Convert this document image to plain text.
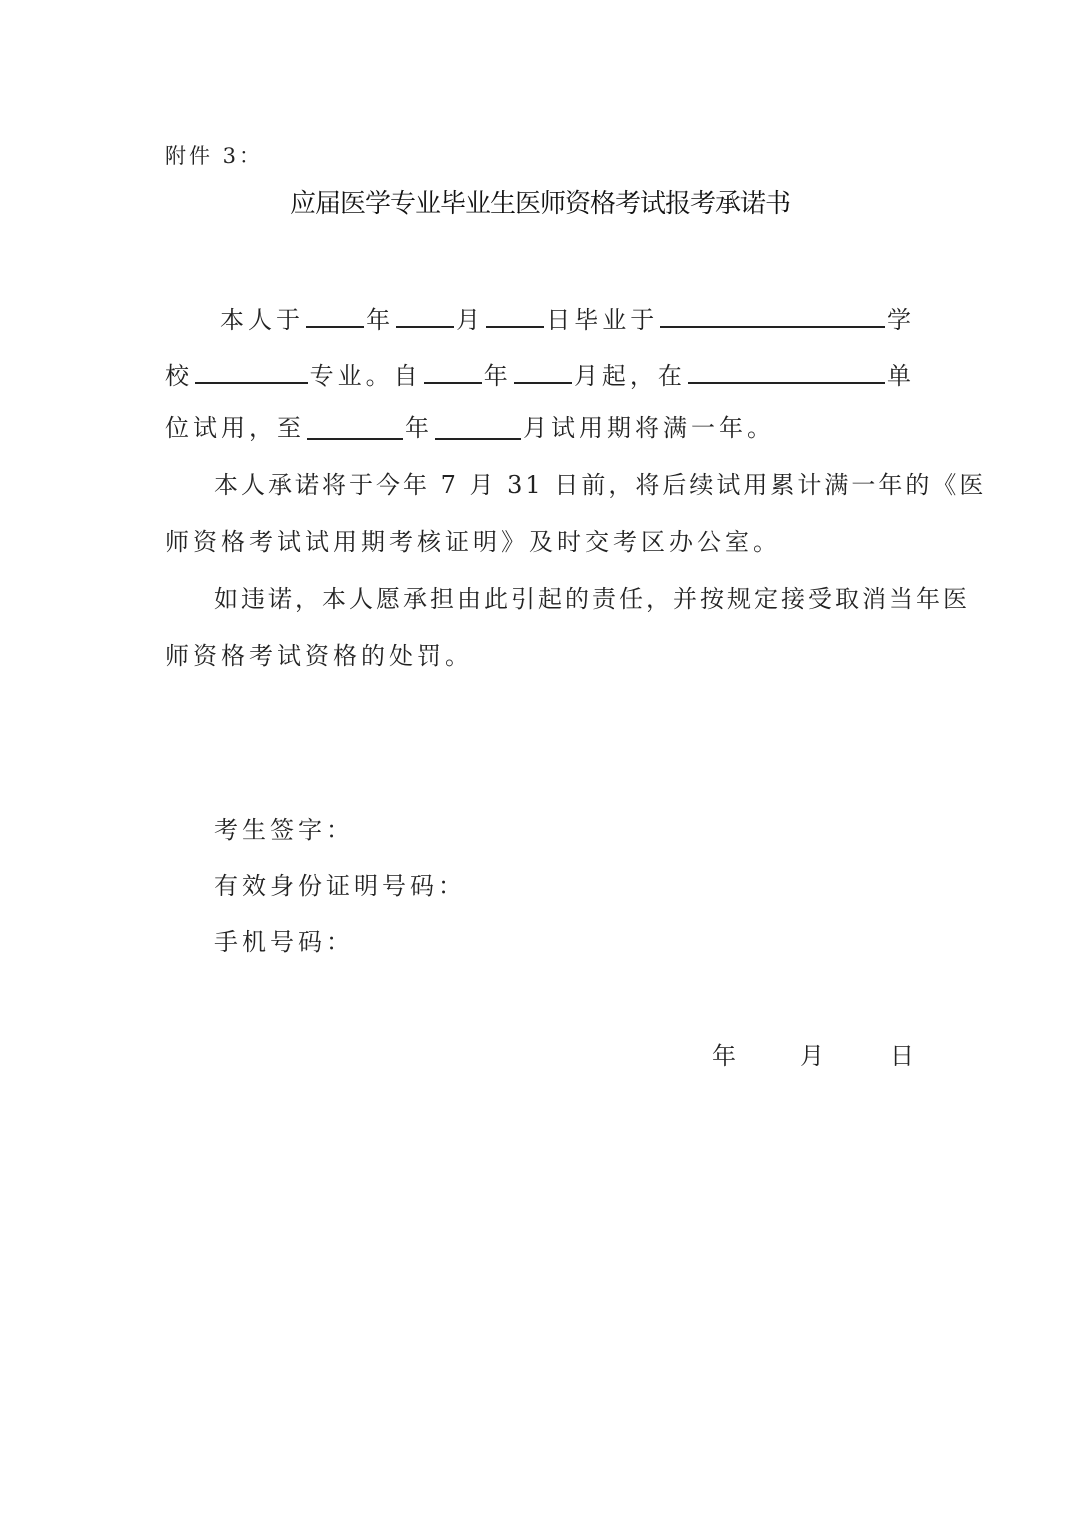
附件 3：
应届医学专业毕业生医师资格考试报考承诺书
本人于	年	月	日毕业于	学
校	专业。自	年	月起，在	单
位试用，至	年	月试用期将满一年。
本人承诺将于今年 7 月 31 日前，将后续试用累计满一年的《医
师资格考试试用期考核证明》及时交考区办公室。
如违诺，本人愿承担由此引起的责任，并按规定接受取消当年医
师资格考试资格的处罚。
考生签字：
有效身份证明号码：
手机号码：
年	月	日
